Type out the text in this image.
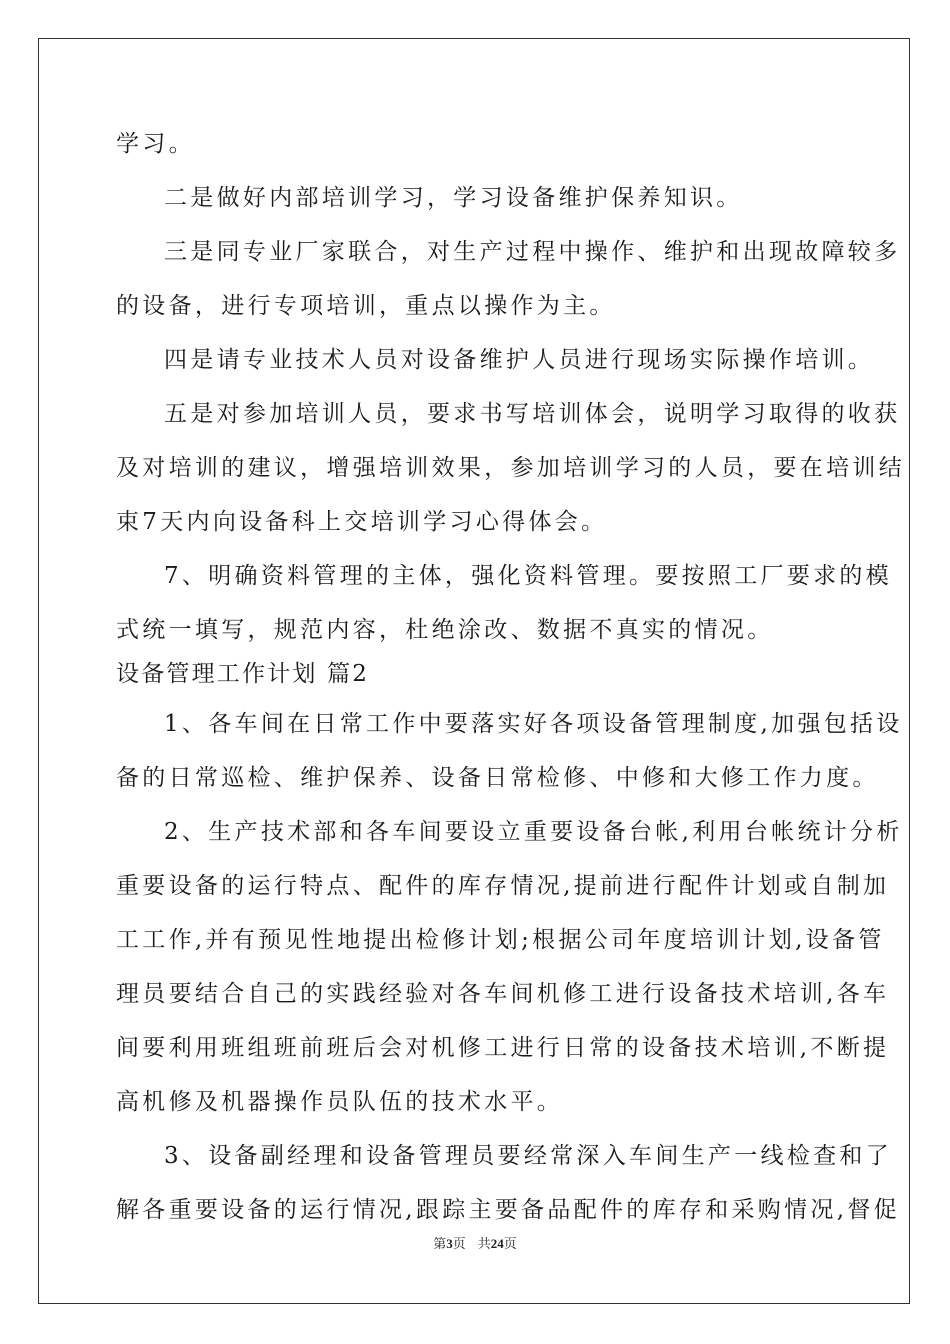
学习。
二是做好内部培训学习，学习设备维护保养知识。
三是同专业厂家联合，对生产过程中操作、维护和出现故障较多
的设备，进行专项培训，重点以操作为主。
四是请专业技术人员对设备维护人员进行现场实际操作培训。
五是对参加培训人员，要求书写培训体会，说明学习取得的收获
及对培训的建议，增强培训效果，参加培训学习的人员，要在培训结
束7天内向设备科上交培训学习心得体会。
7、明确资料管理的主体，强化资料管理。要按照工厂要求的模
式统一填写，规范内容，杜绝涂改、数据不真实的情况。
设备管理工作计划 篇2
1、各车间在日常工作中要落实好各项设备管理制度,加强包括设
备的日常巡检、维护保养、设备日常检修、中修和大修工作力度。
2、生产技术部和各车间要设立重要设备台帐,利用台帐统计分析
重要设备的运行特点、配件的库存情况,提前进行配件计划或自制加
工工作,并有预见性地提出检修计划;根据公司年度培训计划,设备管
理员要结合自己的实践经验对各车间机修工进行设备技术培训,各车
间要利用班组班前班后会对机修工进行日常的设备技术培训,不断提
高机修及机器操作员队伍的技术水平。
3、设备副经理和设备管理员要经常深入车间生产一线检查和了
解各重要设备的运行情况,跟踪主要备品配件的库存和采购情况,督促
第3页 共24页
